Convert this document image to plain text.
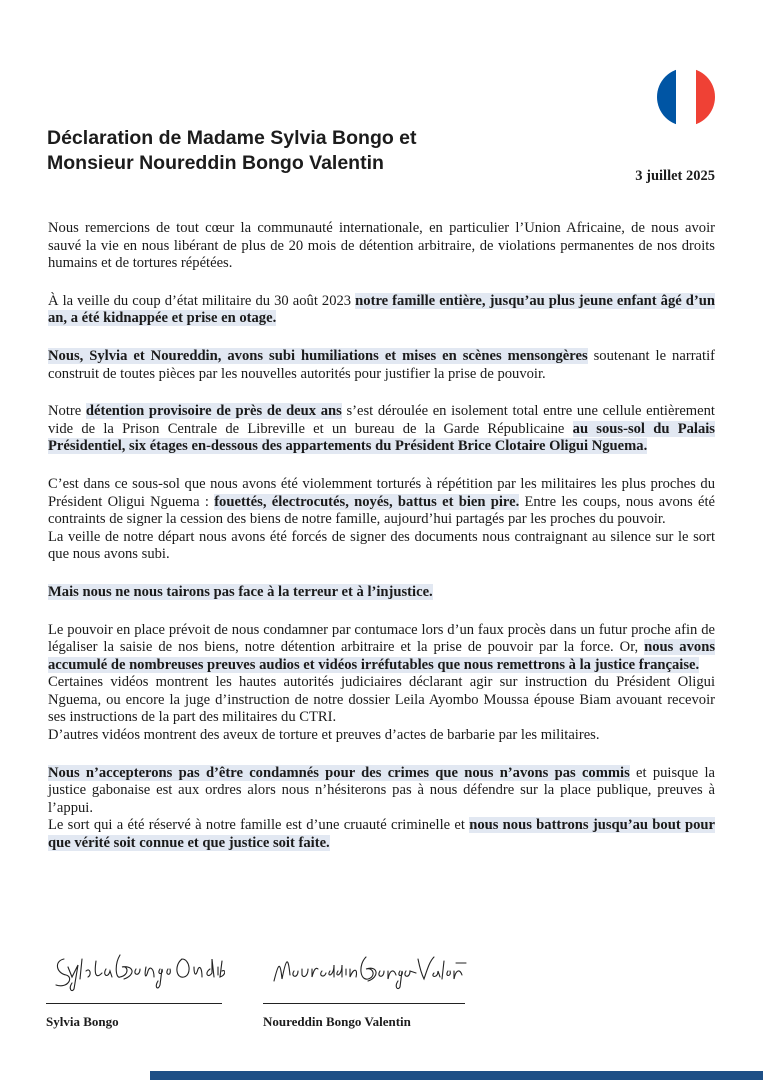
Déclaration de Madame Sylvia Bongo et
Monsieur Noureddin Bongo Valentin
3 juillet 2025

Nous remercions de tout cœur la communauté internationale, en particulier l’Union Africaine, de nous avoir sauvé la vie en nous libérant de plus de 20 mois de détention arbitraire, de violations permanentes de nos droits humains et de tortures répétées.

À la veille du coup d’état militaire du 30 août 2023 notre famille entière, jusqu’au plus jeune enfant âgé d’un an, a été kidnappée et prise en otage.

Nous, Sylvia et Noureddin, avons subi humiliations et mises en scènes mensongères soutenant le narratif construit de toutes pièces par les nouvelles autorités pour justifier la prise de pouvoir.

Notre détention provisoire de près de deux ans s’est déroulée en isolement total entre une cellule entièrement vide de la Prison Centrale de Libreville et un bureau de la Garde Républicaine au sous-sol du Palais Présidentiel, six étages en-dessous des appartements du Président Brice Clotaire Oligui Nguema.

C’est dans ce sous-sol que nous avons été violemment torturés à répétition par les militaires les plus proches du Président Oligui Nguema : fouettés, électrocutés, noyés, battus et bien pire. Entre les coups, nous avons été contraints de signer la cession des biens de notre famille, aujourd’hui partagés par les proches du pouvoir.
La veille de notre départ nous avons été forcés de signer des documents nous contraignant au silence sur le sort que nous avons subi.

Mais nous ne nous tairons pas face à la terreur et à l’injustice.

Le pouvoir en place prévoit de nous condamner par contumace lors d’un faux procès dans un futur proche afin de légaliser la saisie de nos biens, notre détention arbitraire et la prise de pouvoir par la force. Or, nous avons accumulé de nombreuses preuves audios et vidéos irréfutables que nous remettrons à la justice française.
Certaines vidéos montrent les hautes autorités judiciaires déclarant agir sur instruction du Président Oligui Nguema, ou encore la juge d’instruction de notre dossier Leila Ayombo Moussa épouse Biam avouant recevoir ses instructions de la part des militaires du CTRI.
D’autres vidéos montrent des aveux de torture et preuves d’actes de barbarie par les militaires.

Nous n’accepterons pas d’être condamnés pour des crimes que nous n’avons pas commis et puisque la justice gabonaise est aux ordres alors nous n’hésiterons pas à nous défendre sur la place publique, preuves à l’appui.
Le sort qui a été réservé à notre famille est d’une cruauté criminelle et nous nous battrons jusqu’au bout pour que vérité soit connue et que justice soit faite.

Sylvia Bongo	Noureddin Bongo Valentin
